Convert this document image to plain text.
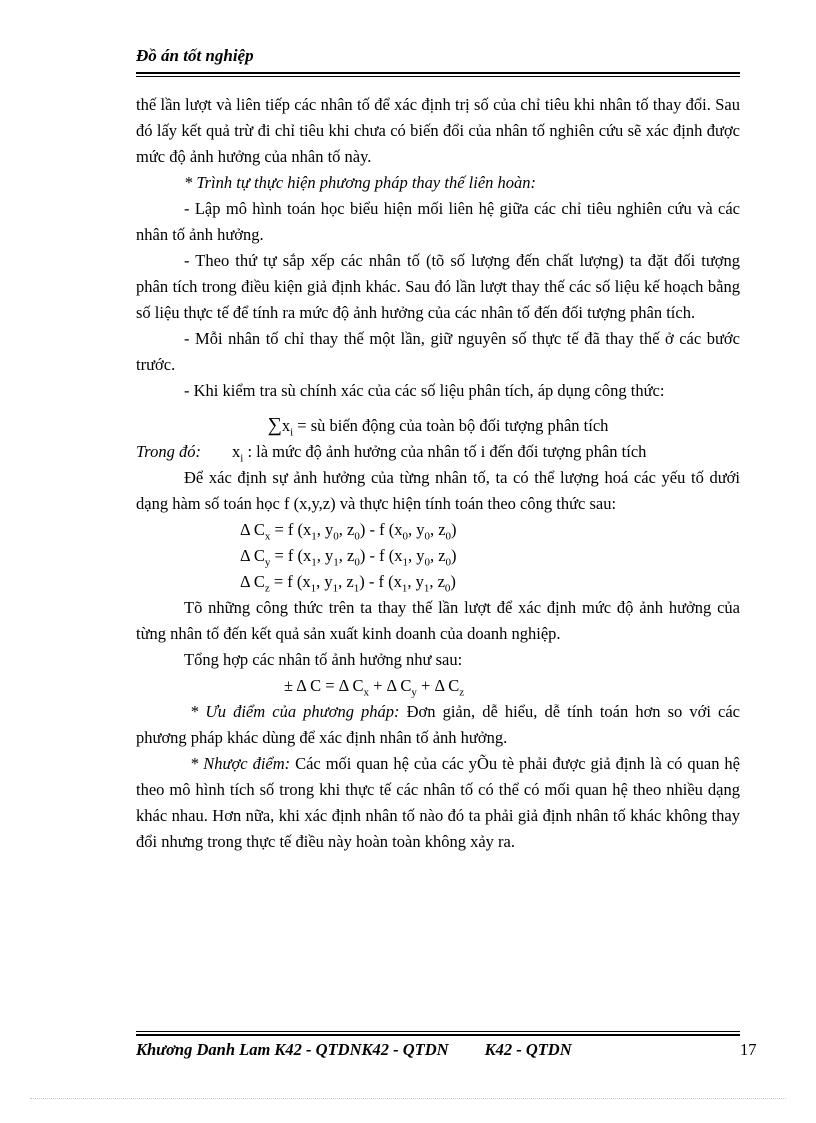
Đồ án tốt nghiệp

thế lần lượt và liên tiếp các nhân tố để xác định trị số của chỉ tiêu khi nhân tố thay đổi. Sau đó lấy kết quả trừ đi chỉ tiêu khi chưa có biến đổi của nhân tố nghiên cứu sẽ xác định được mức độ ảnh hưởng của nhân tố này.

* Trình tự thực hiện phương pháp thay thế liên hoàn:

- Lập mô hình toán học biểu hiện mối liên hệ giữa các chỉ tiêu nghiên cứu và các nhân tố ảnh hưởng.

- Theo thứ tự sắp xếp các nhân tố (tõ số lượng đến chất lượng) ta đặt đối tượng phân tích trong điều kiện giả định khác. Sau đó lần lượt thay thế các số liệu kế hoạch bằng số liệu thực tế để tính ra mức độ ảnh hưởng của các nhân tố đến đối tượng phân tích.

- Mỗi nhân tố chỉ thay thế một lần, giữ nguyên số thực tế đã thay thế ở các bước trước.

- Khi kiểm tra sù chính xác của các số liệu phân tích, áp dụng công thức:

$\sum x_i$ = sù biến động của toàn bộ đối tượng phân tích

Trong đó: $x_i$ : là mức độ ảnh hưởng của nhân tố i đến đối tượng phân tích

Để xác định sự ảnh hưởng của từng nhân tố, ta có thể lượng hoá các yếu tố dưới dạng hàm số toán học f (x,y,z) và thực hiện tính toán theo công thức sau:

Δ $C_x = f$ ($x_1$, $y_0$, $z_0$) - f ($x_0$, $y_0$, $z_0$)
Δ $C_y = f$ ($x_1$, $y_1$, $z_0$) - f ($x_1$, $y_0$, $z_0$)
Δ $C_z = f$ ($x_1$, $y_1$, $z_1$) - f ($x_1$, $y_1$, $z_0$)

Tõ những công thức trên ta thay thế lần lượt để xác định mức độ ảnh hưởng của từng nhân tố đến kết quả sản xuất kinh doanh của doanh nghiệp.

Tổng hợp các nhân tố ảnh hưởng như sau:

± Δ C = Δ $C_x + \Delta$ $C_y + \Delta$ $C_z$

* Ưu điểm của phương pháp: Đơn giản, dễ hiểu, dễ tính toán hơn so với các phương pháp khác dùng để xác định nhân tố ảnh hưởng.

* Nhược điểm: Các mối quan hệ của các yÕu tè phải được giả định là có quan hệ theo mô hình tích số trong khi thực tế các nhân tố có thể có mối quan hệ theo nhiều dạng khác nhau. Hơn nữa, khi xác định nhân tố nào đó ta phải giả định nhân tố khác không thay đổi nhưng trong thực tế điều này hoàn toàn không xảy ra.

Khương Danh Lam K42 - QTDNK42 - QTDN K42 - QTDN	17
